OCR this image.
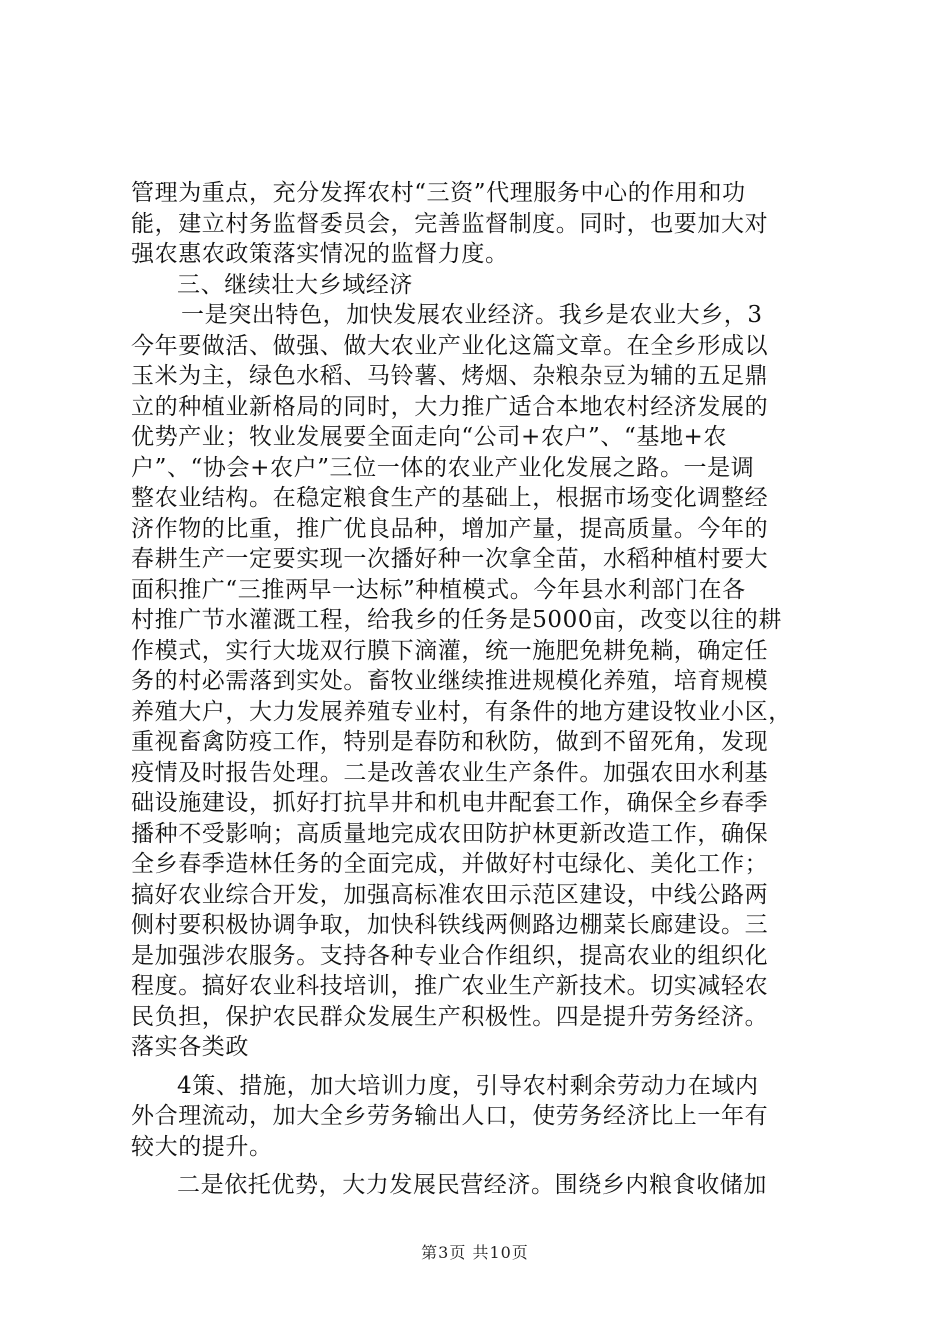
管理为重点，充分发挥农村“三资”代理服务中心的作用和功
能，建立村务监督委员会，完善监督制度。同时，也要加大对
强农惠农政策落实情况的监督力度。
三、继续壮大乡域经济
一是突出特色，加快发展农业经济。我乡是农业大乡，3
今年要做活、做强、做大农业产业化这篇文章。在全乡形成以
玉米为主，绿色水稻、马铃薯、烤烟、杂粮杂豆为辅的五足鼎
立的种植业新格局的同时，大力推广适合本地农村经济发展的
优势产业；牧业发展要全面走向“公司+农户”、“基地+农
户”、“协会+农户”三位一体的农业产业化发展之路。一是调
整农业结构。在稳定粮食生产的基础上，根据市场变化调整经
济作物的比重，推广优良品种，增加产量，提高质量。今年的
春耕生产一定要实现一次播好种一次拿全苗，水稻种植村要大
面积推广“三推两早一达标”种植模式。今年县水利部门在各
村推广节水灌溉工程，给我乡的任务是5000亩，改变以往的耕
作模式，实行大垅双行膜下滴灌，统一施肥免耕免耥，确定任
务的村必需落到实处。畜牧业继续推进规模化养殖，培育规模
养殖大户，大力发展养殖专业村，有条件的地方建设牧业小区，
重视畜禽防疫工作，特别是春防和秋防，做到不留死角，发现
疫情及时报告处理。二是改善农业生产条件。加强农田水利基
础设施建设，抓好打抗旱井和机电井配套工作，确保全乡春季
播种不受影响；高质量地完成农田防护林更新改造工作，确保
全乡春季造林任务的全面完成，并做好村屯绿化、美化工作；
搞好农业综合开发，加强高标准农田示范区建设，中线公路两
侧村要积极协调争取，加快科铁线两侧路边棚菜长廊建设。三
是加强涉农服务。支持各种专业合作组织，提高农业的组织化
程度。搞好农业科技培训，推广农业生产新技术。切实减轻农
民负担，保护农民群众发展生产积极性。四是提升劳务经济。
落实各类政
4策、措施，加大培训力度，引导农村剩余劳动力在域内
外合理流动，加大全乡劳务输出人口，使劳务经济比上一年有
较大的提升。
二是依托优势，大力发展民营经济。围绕乡内粮食收储加
第3页 共10页
